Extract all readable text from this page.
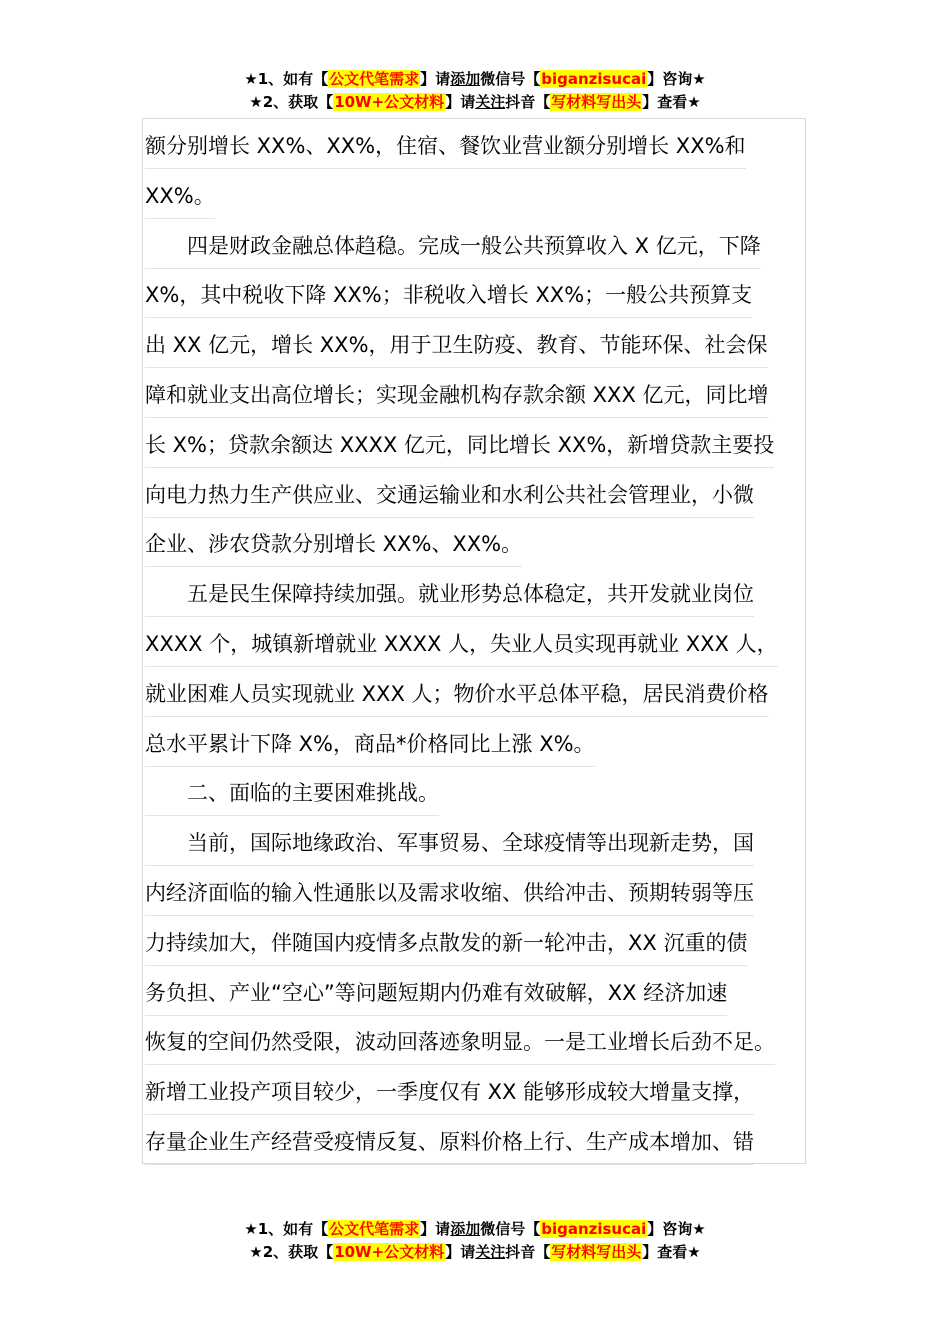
★1、如有【公文代笔需求】请添加微信号【biganzisucai】咨询★
★2、获取【10W+公文材料】请关注抖音【写材料写出头】查看★
额分别增长 XX%、XX%，住宿、餐饮业营业额分别增长 XX%和
XX%。
　　四是财政金融总体趋稳。完成一般公共预算收入 X 亿元，下降
X%，其中税收下降 XX%；非税收入增长 XX%；一般公共预算支
出 XX 亿元，增长 XX%，用于卫生防疫、教育、节能环保、社会保
障和就业支出高位增长；实现金融机构存款余额 XXX 亿元，同比增
长 X%；贷款余额达 XXXX 亿元，同比增长 XX%，新增贷款主要投
向电力热力生产供应业、交通运输业和水利公共社会管理业，小微
企业、涉农贷款分别增长 XX%、XX%。
　　五是民生保障持续加强。就业形势总体稳定，共开发就业岗位
XXXX 个，城镇新增就业 XXXX 人，失业人员实现再就业 XXX 人，
就业困难人员实现就业 XXX 人；物价水平总体平稳，居民消费价格
总水平累计下降 X%，商品*价格同比上涨 X%。
　　二、面临的主要困难挑战。
　　当前，国际地缘政治、军事贸易、全球疫情等出现新走势，国
内经济面临的输入性通胀以及需求收缩、供给冲击、预期转弱等压
力持续加大，伴随国内疫情多点散发的新一轮冲击，XX 沉重的债
务负担、产业“空心”等问题短期内仍难有效破解，XX 经济加速
恢复的空间仍然受限，波动回落迹象明显。一是工业增长后劲不足。
新增工业投产项目较少，一季度仅有 XX 能够形成较大增量支撑，
存量企业生产经营受疫情反复、原料价格上行、生产成本增加、错
★1、如有【公文代笔需求】请添加微信号【biganzisucai】咨询★
★2、获取【10W+公文材料】请关注抖音【写材料写出头】查看★
